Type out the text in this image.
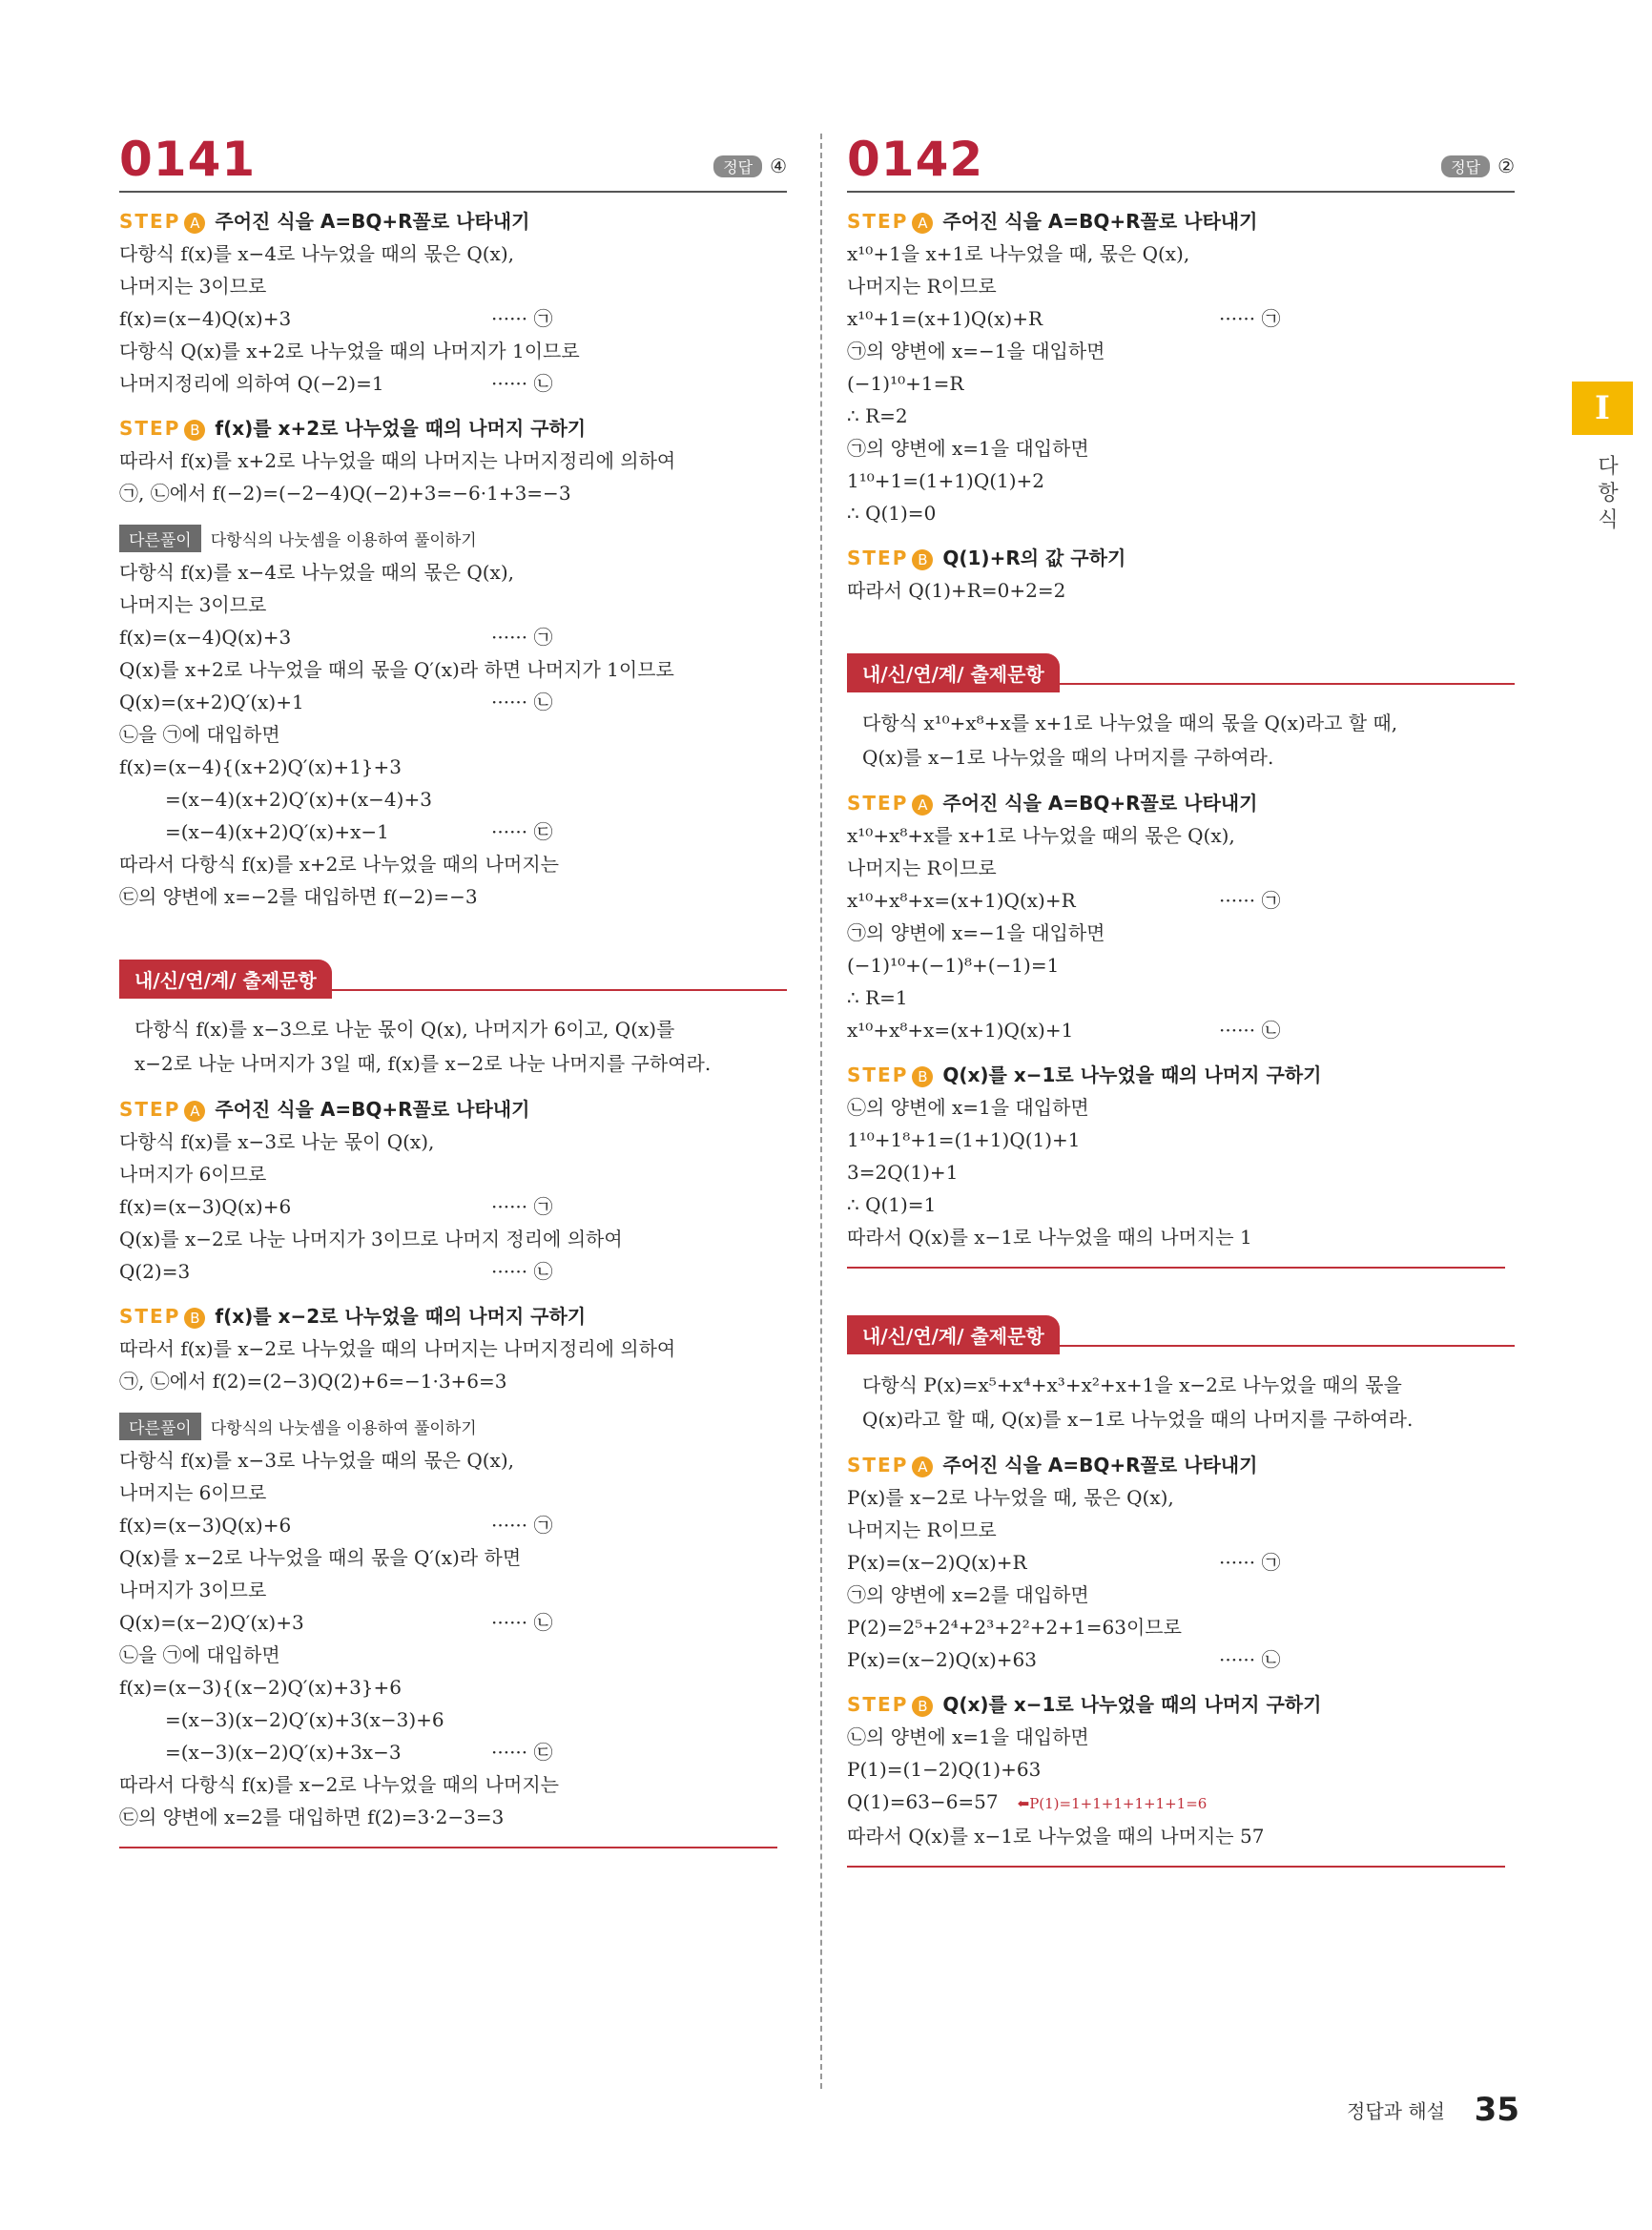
0141	정답 ④
STEP A 주어진 식을 A=BQ+R꼴로 나타내기
다항식 f(x)를 x−4로 나누었을 때의 몫은 Q(x),
나머지는 3이므로
f(x)=(x−4)Q(x)+3	······ ㉠
다항식 Q(x)를 x+2로 나누었을 때의 나머지가 1이므로
나머지정리에 의하여 Q(−2)=1	······ ㉡
STEP B f(x)를 x+2로 나누었을 때의 나머지 구하기
따라서 f(x)를 x+2로 나누었을 때의 나머지는 나머지정리에 의하여
㉠, ㉡에서 f(−2)=(−2−4)Q(−2)+3=−6·1+3=−3
다른풀이 다항식의 나눗셈을 이용하여 풀이하기
다항식 f(x)를 x−4로 나누었을 때의 몫은 Q(x),
나머지는 3이므로
f(x)=(x−4)Q(x)+3	······ ㉠
Q(x)를 x+2로 나누었을 때의 몫을 Q′(x)라 하면 나머지가 1이므로
Q(x)=(x+2)Q′(x)+1	······ ㉡
㉡을 ㉠에 대입하면
f(x)=(x−4){(x+2)Q′(x)+1}+3
=(x−4)(x+2)Q′(x)+(x−4)+3
=(x−4)(x+2)Q′(x)+x−1	······ ㉢
따라서 다항식 f(x)를 x+2로 나누었을 때의 나머지는
㉢의 양변에 x=−2를 대입하면 f(−2)=−3
내/신/연/계/ 출제문항
다항식 f(x)를 x−3으로 나눈 몫이 Q(x), 나머지가 6이고, Q(x)를
x−2로 나눈 나머지가 3일 때, f(x)를 x−2로 나눈 나머지를 구하여라.
STEP A 주어진 식을 A=BQ+R꼴로 나타내기
다항식 f(x)를 x−3로 나눈 몫이 Q(x),
나머지가 6이므로
f(x)=(x−3)Q(x)+6	······ ㉠
Q(x)를 x−2로 나눈 나머지가 3이므로 나머지 정리에 의하여
Q(2)=3	······ ㉡
STEP B f(x)를 x−2로 나누었을 때의 나머지 구하기
따라서 f(x)를 x−2로 나누었을 때의 나머지는 나머지정리에 의하여
㉠, ㉡에서 f(2)=(2−3)Q(2)+6=−1·3+6=3
다른풀이 다항식의 나눗셈을 이용하여 풀이하기
다항식 f(x)를 x−3로 나누었을 때의 몫은 Q(x),
나머지는 6이므로
f(x)=(x−3)Q(x)+6	······ ㉠
Q(x)를 x−2로 나누었을 때의 몫을 Q′(x)라 하면
나머지가 3이므로
Q(x)=(x−2)Q′(x)+3	······ ㉡
㉡을 ㉠에 대입하면
f(x)=(x−3){(x−2)Q′(x)+3}+6
=(x−3)(x−2)Q′(x)+3(x−3)+6
=(x−3)(x−2)Q′(x)+3x−3	······ ㉢
따라서 다항식 f(x)를 x−2로 나누었을 때의 나머지는
㉢의 양변에 x=2를 대입하면 f(2)=3·2−3=3
0142	정답 ②
STEP A 주어진 식을 A=BQ+R꼴로 나타내기
x¹⁰+1을 x+1로 나누었을 때, 몫은 Q(x),
나머지는 R이므로
x¹⁰+1=(x+1)Q(x)+R	······ ㉠
㉠의 양변에 x=−1을 대입하면
(−1)¹⁰+1=R
∴ R=2
㉠의 양변에 x=1을 대입하면
1¹⁰+1=(1+1)Q(1)+2
∴ Q(1)=0
STEP B Q(1)+R의 값 구하기
따라서 Q(1)+R=0+2=2
내/신/연/계/ 출제문항
다항식 x¹⁰+x⁸+x를 x+1로 나누었을 때의 몫을 Q(x)라고 할 때,
Q(x)를 x−1로 나누었을 때의 나머지를 구하여라.
STEP A 주어진 식을 A=BQ+R꼴로 나타내기
x¹⁰+x⁸+x를 x+1로 나누었을 때의 몫은 Q(x),
나머지는 R이므로
x¹⁰+x⁸+x=(x+1)Q(x)+R	······ ㉠
㉠의 양변에 x=−1을 대입하면
(−1)¹⁰+(−1)⁸+(−1)=1
∴ R=1
x¹⁰+x⁸+x=(x+1)Q(x)+1	······ ㉡
STEP B Q(x)를 x−1로 나누었을 때의 나머지 구하기
㉡의 양변에 x=1을 대입하면
1¹⁰+1⁸+1=(1+1)Q(1)+1
3=2Q(1)+1
∴ Q(1)=1
따라서 Q(x)를 x−1로 나누었을 때의 나머지는 1
내/신/연/계/ 출제문항
다항식 P(x)=x⁵+x⁴+x³+x²+x+1을 x−2로 나누었을 때의 몫을
Q(x)라고 할 때, Q(x)를 x−1로 나누었을 때의 나머지를 구하여라.
STEP A 주어진 식을 A=BQ+R꼴로 나타내기
P(x)를 x−2로 나누었을 때, 몫은 Q(x),
나머지는 R이므로
P(x)=(x−2)Q(x)+R	······ ㉠
㉠의 양변에 x=2를 대입하면
P(2)=2⁵+2⁴+2³+2²+2+1=63이므로
P(x)=(x−2)Q(x)+63	······ ㉡
STEP B Q(x)를 x−1로 나누었을 때의 나머지 구하기
㉡의 양변에 x=1을 대입하면
P(1)=(1−2)Q(1)+63
Q(1)=63−6=57 ⬅P(1)=1+1+1+1+1+1=6
따라서 Q(x)를 x−1로 나누었을 때의 나머지는 57
I
다항식
정답과 해설 35
